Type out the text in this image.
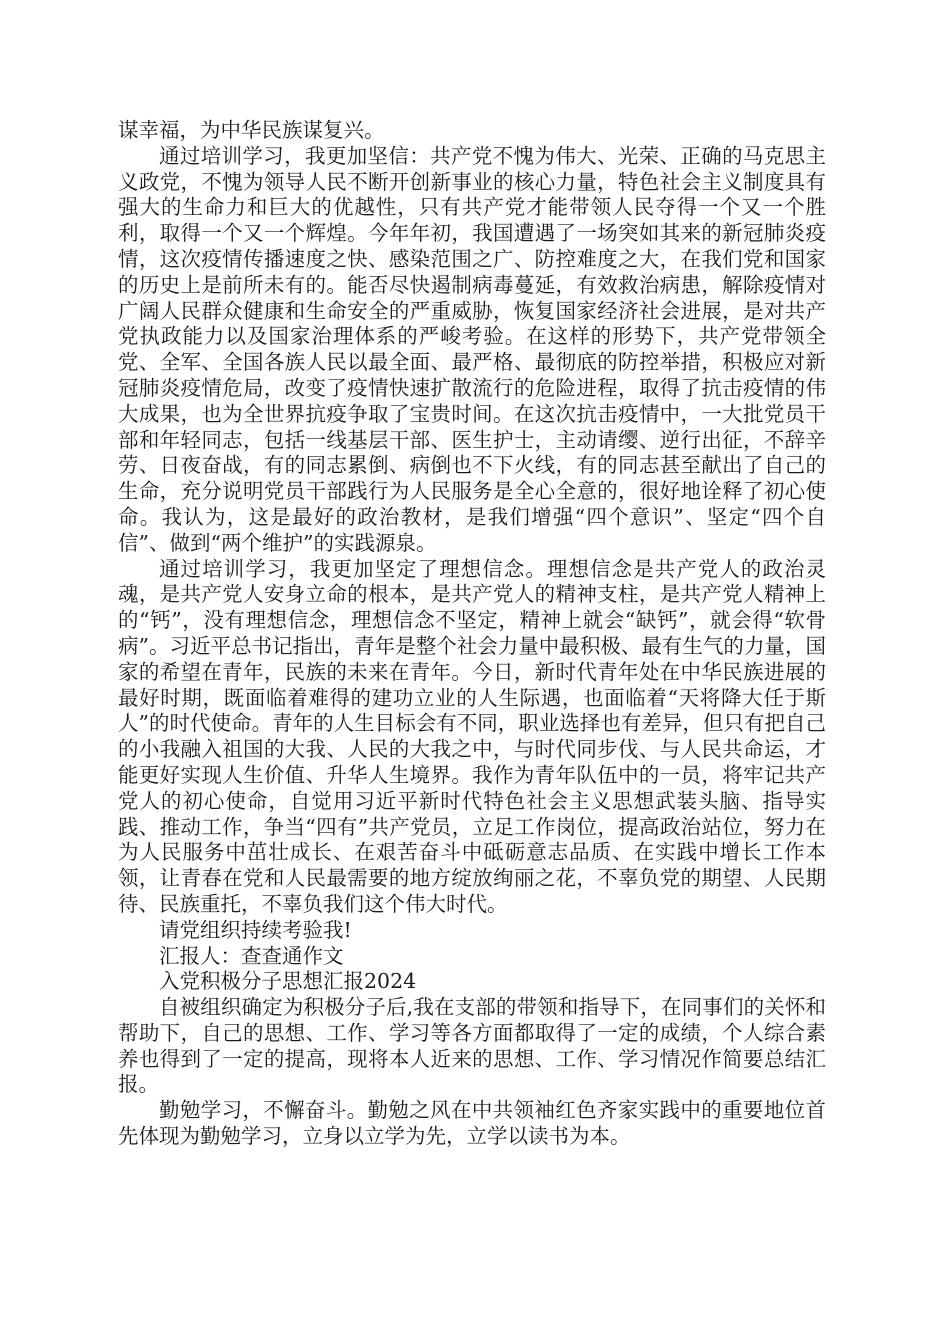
谋幸福，为中华民族谋复兴。

通过培训学习，我更加坚信：共产党不愧为伟大、光荣、正确的马克思主义政党，不愧为领导人民不断开创新事业的核心力量，特色社会主义制度具有强大的生命力和巨大的优越性，只有共产党才能带领人民夺得一个又一个胜利，取得一个又一个辉煌。今年年初，我国遭遇了一场突如其来的新冠肺炎疫情，这次疫情传播速度之快、感染范围之广、防控难度之大，在我们党和国家的历史上是前所未有的。能否尽快遏制病毒蔓延，有效救治病患，解除疫情对广阔人民群众健康和生命安全的严重威胁，恢复国家经济社会进展，是对共产党执政能力以及国家治理体系的严峻考验。在这样的形势下，共产党带领全党、全军、全国各族人民以最全面、最严格、最彻底的防控举措，积极应对新冠肺炎疫情危局，改变了疫情快速扩散流行的危险进程，取得了抗击疫情的伟大成果，也为全世界抗疫争取了宝贵时间。在这次抗击疫情中，一大批党员干部和年轻同志，包括一线基层干部、医生护士，主动请缨、逆行出征，不辞辛劳、日夜奋战，有的同志累倒、病倒也不下火线，有的同志甚至献出了自己的生命，充分说明党员干部践行为人民服务是全心全意的，很好地诠释了初心使命。我认为，这是最好的政治教材，是我们增强“四个意识”、坚定“四个自信”、做到“两个维护”的实践源泉。

通过培训学习，我更加坚定了理想信念。理想信念是共产党人的政治灵魂，是共产党人安身立命的根本，是共产党人的精神支柱，是共产党人精神上的“钙”，没有理想信念，理想信念不坚定，精神上就会“缺钙”，就会得“软骨病”。习近平总书记指出，青年是整个社会力量中最积极、最有生气的力量，国家的希望在青年，民族的未来在青年。今日，新时代青年处在中华民族进展的最好时期，既面临着难得的建功立业的人生际遇，也面临着“天将降大任于斯人”的时代使命。青年的人生目标会有不同，职业选择也有差异，但只有把自己的小我融入祖国的大我、人民的大我之中，与时代同步伐、与人民共命运，才能更好实现人生价值、升华人生境界。我作为青年队伍中的一员，将牢记共产党人的初心使命，自觉用习近平新时代特色社会主义思想武装头脑、指导实践、推动工作，争当“四有”共产党员，立足工作岗位，提高政治站位，努力在为人民服务中茁壮成长、在艰苦奋斗中砥砺意志品质、在实践中增长工作本领，让青春在党和人民最需要的地方绽放绚丽之花，不辜负党的期望、人民期待、民族重托，不辜负我们这个伟大时代。

请党组织持续考验我!

汇报人：查查通作文

入党积极分子思想汇报2024

自被组织确定为积极分子后,我在支部的带领和指导下，在同事们的关怀和帮助下，自己的思想、工作、学习等各方面都取得了一定的成绩，个人综合素养也得到了一定的提高，现将本人近来的思想、工作、学习情况作简要总结汇报。

勤勉学习，不懈奋斗。勤勉之风在中共领袖红色齐家实践中的重要地位首先体现为勤勉学习，立身以立学为先，立学以读书为本。
